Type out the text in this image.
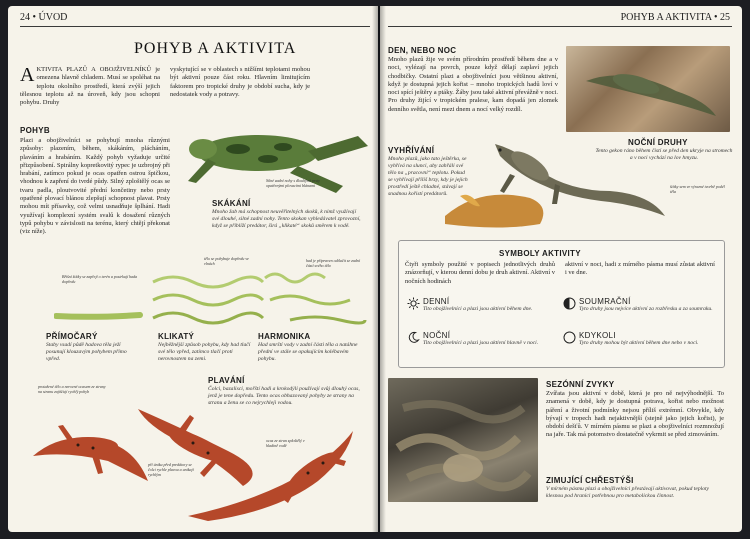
24 • ÚVOD
POHYB A AKTIVITA
AKTIVITA PLAZŮ A OBOJŽIVELNÍKŮ je omezena hlavně chladem. Musí se spoléhat na teplotu okolního prostředí, která zvýší jejich tělesnou teplotu až na úroveň, kdy jsou schopni pohybu. Druhy
vyskytující se v oblastech s nižšími teplotami mohou být aktivní pouze část roku. Hlavním limitujícím faktorem pro tropické druhy je období sucha, kdy je nedostatek vody a potravy.
POHYB
Plazi a obojživelníci se pohybují mnoha různými způsoby: plazením, během, skákáním, plácháním, plaváním a hrabáním. Každý pohyb vyžaduje určité přizpůsobení. Spirálny kopretkovitý rypec je uzbrojný při hrabání, zatímco pokud je ocas opatřen ostrou špičkou, vhodnou k zapření do tvrdé půdy. Silný zploštělý ocas se tvaru padla, ploutvovité přední končetiny nebo prsty opatřené plovací blánou zlepšují schopnost plavat. Prsty mohou mít přísavky, což velmi usnadňuje šplhání. Hadi využívají komplexní systém svalů k dosažení různých typů pohybu v závislosti na terénu, který chtějí překonat (viz níže).
Silné zadní nohy s dlouhými prsty opatřenými plovacími blánami
SKÁKÁNÍ
Mnoho žab má schopnost neuvěřitelných skoků, k nimž využívají své dlouhé, silné zadní nohy. Tento skokan vyhledávatel zprovozní, když se přiblíží predátor, širá „klikaté“ skoků směrem k vodě.
Břišní štítky se zapřejí o terén a postrkují hada dopředu
PŘÍMOČARÝ
Staby vsadí půdě hadova těla ježí posunují klouzavým pohybem přímo vpřed.
tělo se pohybuje dopředu ve vlnách
KLIKATÝ
Nejběžnější způsob pohybu, kdy had tlačí své tělo vpřed, zatímco tlačí proti nerovnostem na zemi.
had je připraven odtlačit se zadní částí svého těla
HARMONIKA
Had smrští vody v zadní části těla a natáhne přední ve stále se opakujícím kolébavém pohybu.
PLAVÁNÍ
Čolci, bazalisci, mořští hadi a krokodýli používají svůj dlouhý ocas, jenž je tene dopředu. Tento ocas obhazovaný pohyby ze strany na stranu a ženu se co nejrychleji vodou.
protažené tělo a nerovné ocasem ze strany na stranu zajišťují rychlý pohyb
pří úniku před predátory se čolci rychle plavou a unikají rychlým
ocas ze stran zploštělý v hladině vodě
POHYB A AKTIVITA • 25
DEN, NEBO NOC
Mnoho plazů žije ve svém přírodním prostředí během dne a v noci, vylézají na povrch, pouze když dělají zaplaví jejich chodbičky. Ostatní plazi a obojživelníci jsou většinou aktivní, když je dostupná jejich kořist – mnoho tropických hadů loví v noci spící ještěry a ptáky. Žáby jsou také aktivní převážně v noci. Pro druhy žijící v tropickém pralese, kam dopadá jen zlomek denního světla, není mezi dnem a nocí velký rozdíl.
NOČNÍ DRUHY
Tento gekon ráno během čistí se před den ukryje na stromech a v noci vychází na lov hmyzu.
VYHŘÍVÁNÍ
Mnoho plazů, jako tato ještěrka, se vyhřívá na slunci, aby zahřáli své tělo na „pracovní“ teplotu. Pokud se vyhřívají příliš brzy, kdy je jejich prostředí ještě chladné, stávají se snadnou kořistí predátorů.
štítky sem ve výrazné tvorbě podél těla
SYMBOLY AKTIVITY
Čtyři symboly použité v popisech jednotlivých druhů znázorňují, v kterou denní dobu je druh aktivní. Aktivní v nočních hodinách
aktivní v noci, hadi z mírného pásma musí zůstat aktivní i ve dne.
DENNÍ
Tito obojživelníci a plazi jsou aktivní během dne.
SOUMRAČNÍ
Tyto druhy jsou nejvíce aktivní za rozbřesku a za soumraku.
NOČNÍ
Tito obojživelníci a plazi jsou aktivní hlavně v noci.
KDYKOLI
Tyto druhy mohou být aktivní během dne nebo v noci.
SEZÓNNÍ ZVYKY
Zvířata jsou aktivní v době, která je pro ně nejvýhodnější. To znamená v době, kdy je dostupná potrava, kořist nebo možnost páření a životní podmínky nejsou příliš extrémní. Obvykle, kdy bývají v tropech hadi nejaktivnější (stejně jako jejich kořist), je období dešťů. V mírném pásmu se plazi a obojživelníci rozmnožují na jaře. Tak má potomstvo dostatečně vykrmit se před zimováním.
ZIMUJÍCÍ CHŘESTÝŠI
V mírném pásmu plazi a obojživelníci přestávají aktivovat, pokud teploty klesnou pod hranici potřebnou pro metabolickou činnost.
